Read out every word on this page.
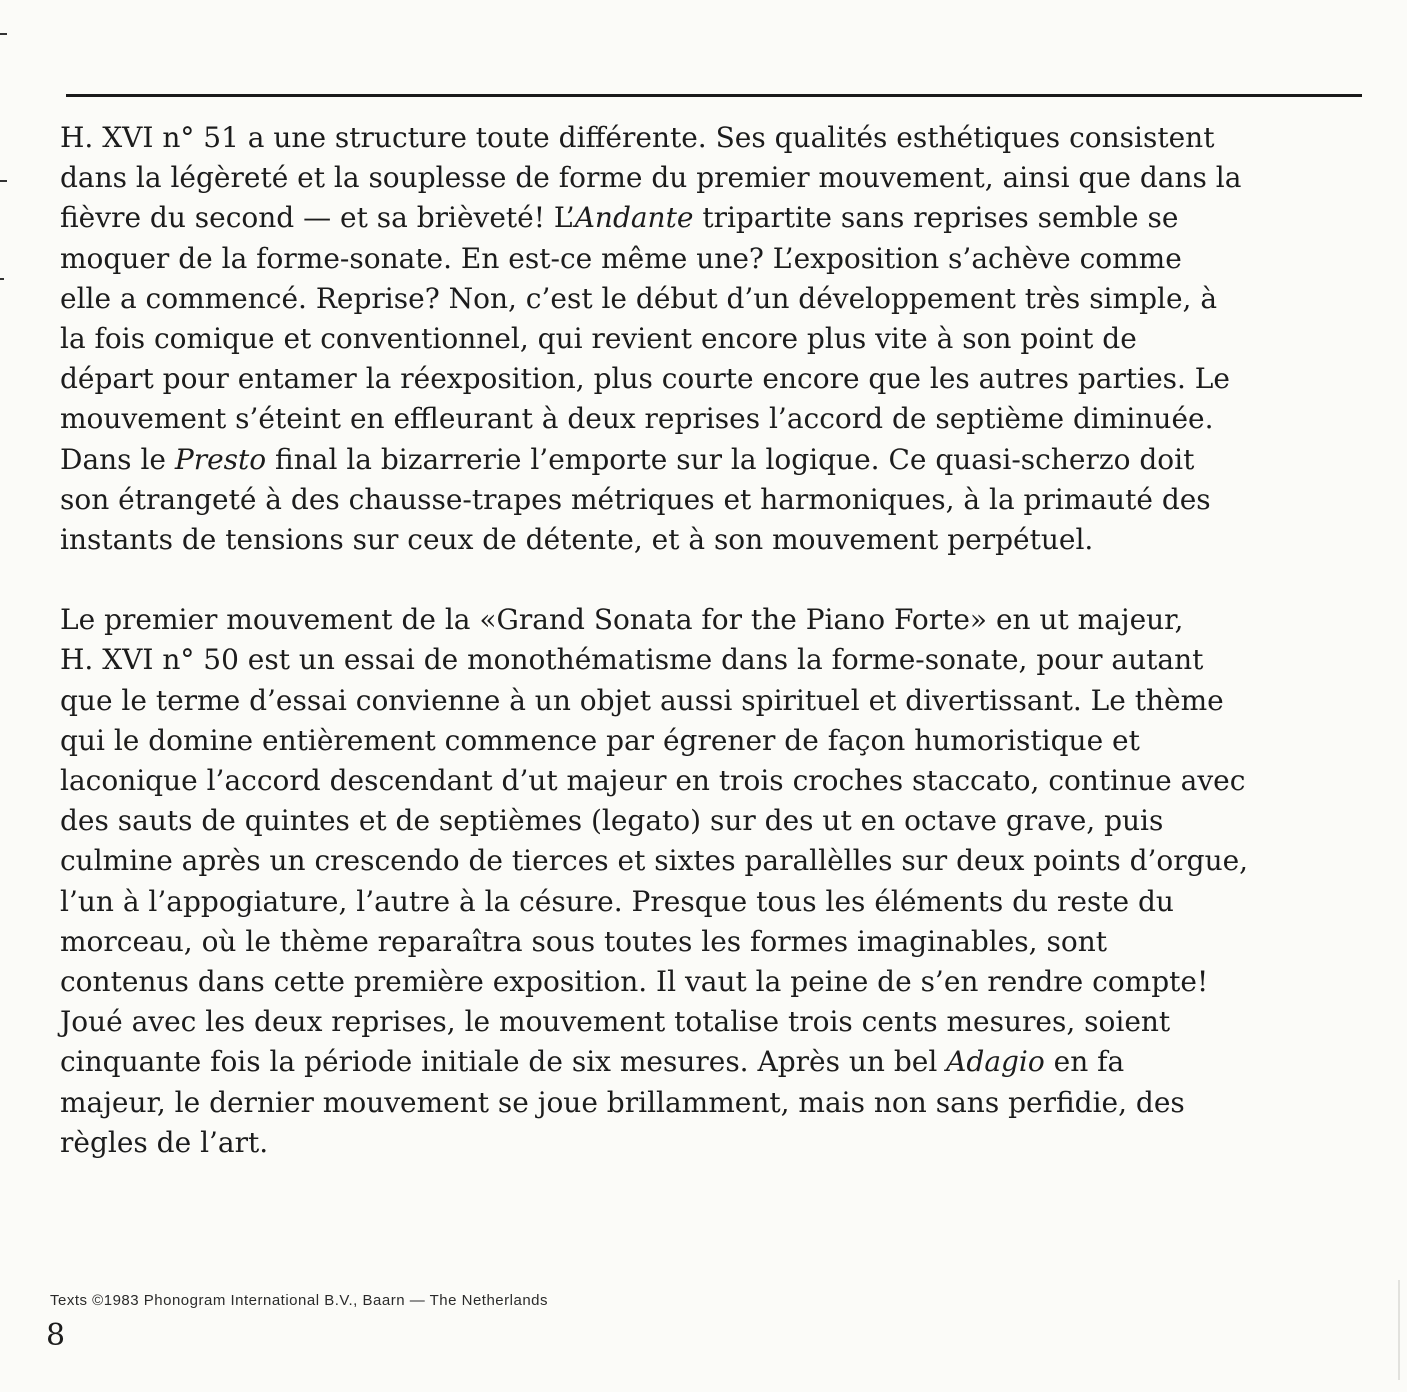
H. XVI n° 51 a une structure toute différente. Ses qualités esthétiques consistent
dans la légèreté et la souplesse de forme du premier mouvement, ainsi que dans la
fièvre du second — et sa brièveté! L’Andante tripartite sans reprises semble se
moquer de la forme-sonate. En est-ce même une? L’exposition s’achève comme
elle a commencé. Reprise? Non, c’est le début d’un développement très simple, à
la fois comique et conventionnel, qui revient encore plus vite à son point de
départ pour entamer la réexposition, plus courte encore que les autres parties. Le
mouvement s’éteint en effleurant à deux reprises l’accord de septième diminuée.
Dans le Presto final la bizarrerie l’emporte sur la logique. Ce quasi-scherzo doit
son étrangeté à des chausse-trapes métriques et harmoniques, à la primauté des
instants de tensions sur ceux de détente, et à son mouvement perpétuel.
Le premier mouvement de la «Grand Sonata for the Piano Forte» en ut majeur,
H. XVI n° 50 est un essai de monothématisme dans la forme-sonate, pour autant
que le terme d’essai convienne à un objet aussi spirituel et divertissant. Le thème
qui le domine entièrement commence par égrener de façon humoristique et
laconique l’accord descendant d’ut majeur en trois croches staccato, continue avec
des sauts de quintes et de septièmes (legato) sur des ut en octave grave, puis
culmine après un crescendo de tierces et sixtes parallèlles sur deux points d’orgue,
l’un à l’appogiature, l’autre à la césure. Presque tous les éléments du reste du
morceau, où le thème reparaîtra sous toutes les formes imaginables, sont
contenus dans cette première exposition. Il vaut la peine de s’en rendre compte!
Joué avec les deux reprises, le mouvement totalise trois cents mesures, soient
cinquante fois la période initiale de six mesures. Après un bel Adagio en fa
majeur, le dernier mouvement se joue brillamment, mais non sans perfidie, des
règles de l’art.
Texts ©1983 Phonogram International B.V., Baarn — The Netherlands
8
